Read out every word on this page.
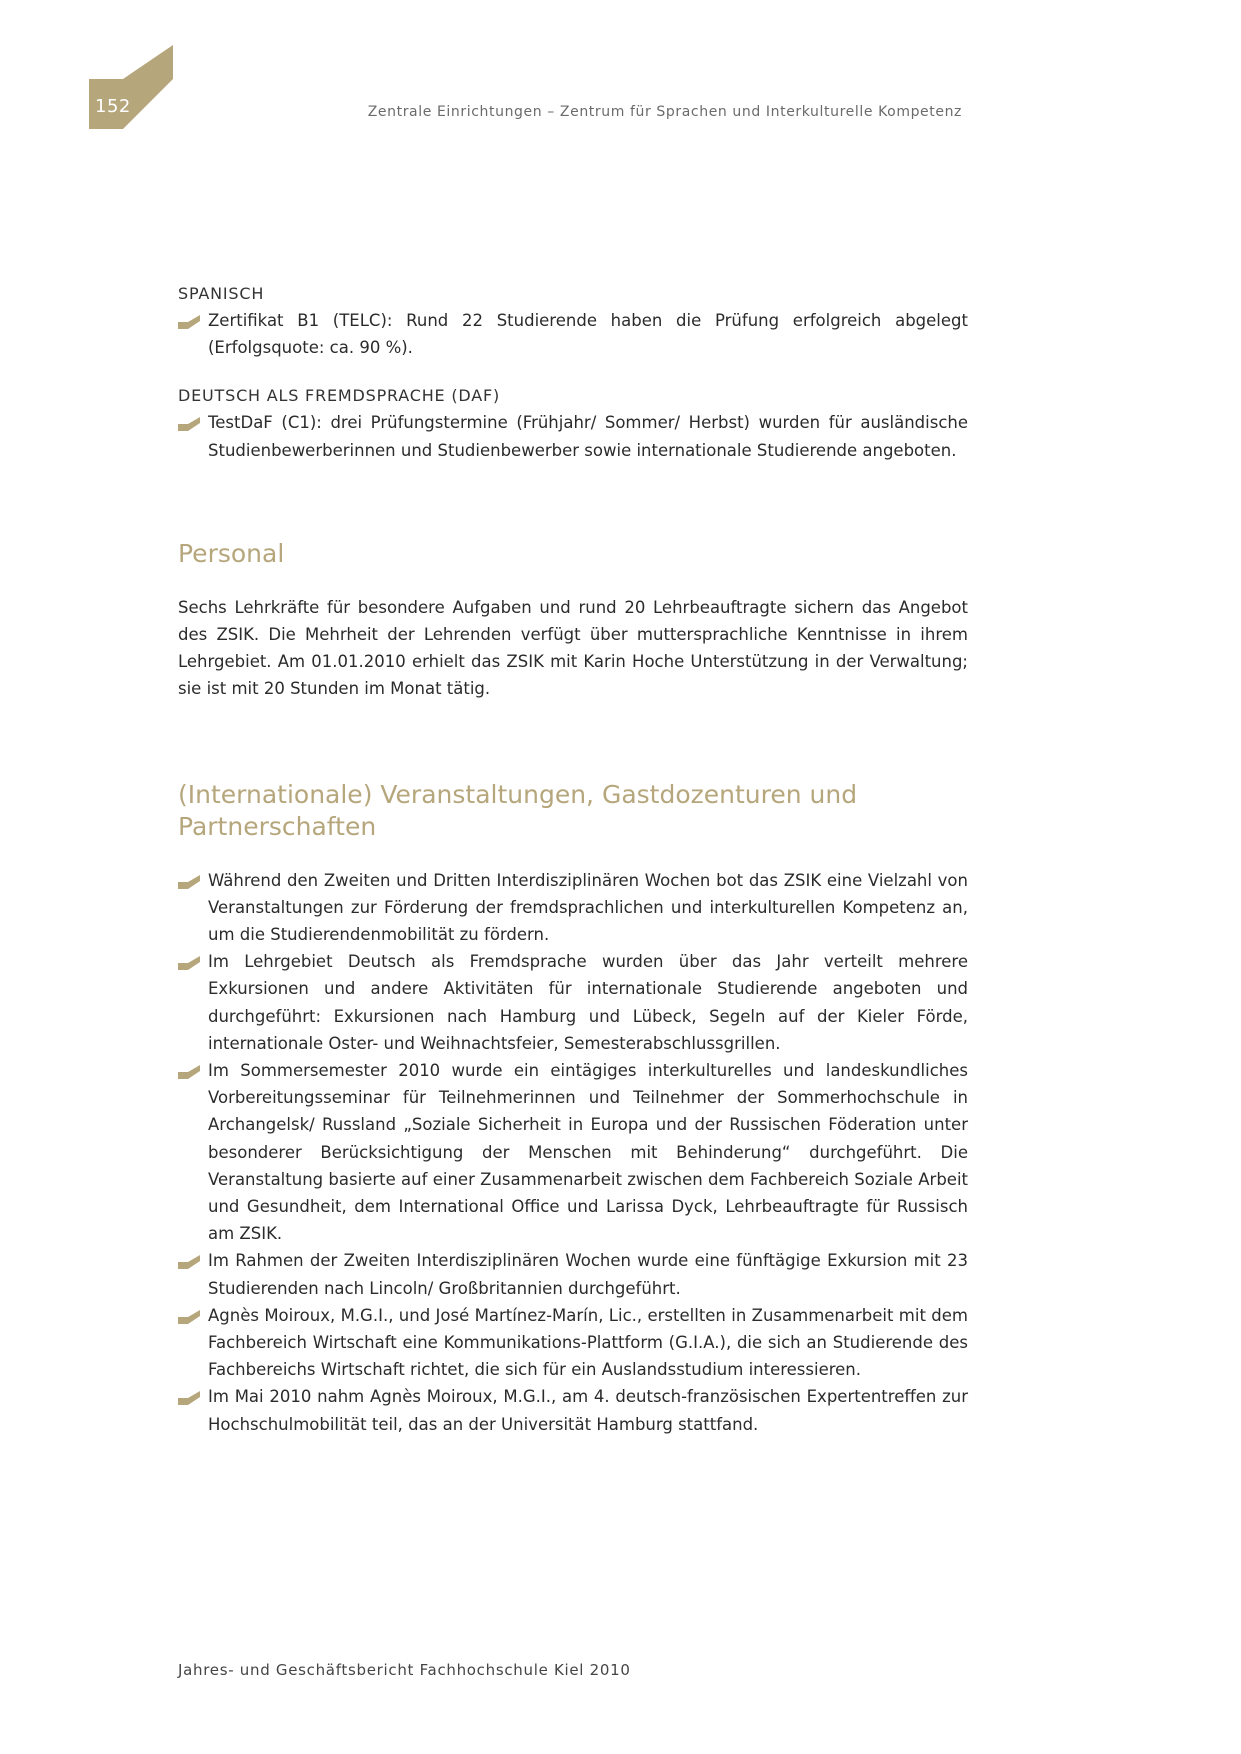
152	Zentrale Einrichtungen – Zentrum für Sprachen und Interkulturelle Kompetenz

SPANISCH

Zertifikat B1 (TELC): Rund 22 Studierende haben die Prüfung erfolgreich abgelegt (Erfolgsquote: ca. 90 %).

DEUTSCH ALS FREMDSPRACHE (DAF)

TestDaF (C1): drei Prüfungstermine (Frühjahr/ Sommer/ Herbst) wurden für ausländische Studienbewerberinnen und Studienbewerber sowie internationale Studierende angeboten.
Personal

Sechs Lehrkräfte für besondere Aufgaben und rund 20 Lehrbeauftragte sichern das Angebot des ZSIK. Die Mehrheit der Lehrenden verfügt über muttersprachliche Kenntnisse in ihrem Lehrgebiet. Am 01.01.2010 erhielt das ZSIK mit Karin Hoche Unterstützung in der Verwaltung; sie ist mit 20 Stunden im Monat tätig.

(Internationale) Veranstaltungen, Gastdozenturen und Partnerschaften
Während den Zweiten und Dritten Interdisziplinären Wochen bot das ZSIK eine Vielzahl von Veranstaltungen zur Förderung der fremdsprachlichen und interkulturellen Kompetenz an, um die Studierendenmobilität zu fördern.
Im Lehrgebiet Deutsch als Fremdsprache wurden über das Jahr verteilt mehrere Exkursionen und andere Aktivitäten für internationale Studierende angeboten und durchgeführt: Exkursionen nach Hamburg und Lübeck, Segeln auf der Kieler Förde, internationale Oster- und Weihnachtsfeier, Semesterabschlussgrillen.
Im Sommersemester 2010 wurde ein eintägiges interkulturelles und landeskundliches Vorbereitungsseminar für Teilnehmerinnen und Teilnehmer der Sommerhochschule in Archangelsk/ Russland „Soziale Sicherheit in Europa und der Russischen Föderation unter besonderer Berücksichtigung der Menschen mit Behinderung“ durchgeführt. Die Veranstaltung basierte auf einer Zusammenarbeit zwischen dem Fachbereich Soziale Arbeit und Gesundheit, dem International Office und Larissa Dyck, Lehrbeauftragte für Russisch am ZSIK.
Im Rahmen der Zweiten Interdisziplinären Wochen wurde eine fünftägige Exkursion mit 23 Studierenden nach Lincoln/ Großbritannien durchgeführt.
Agnès Moiroux, M.G.I., und José Martínez-Marín, Lic., erstellten in Zusammenarbeit mit dem Fachbereich Wirtschaft eine Kommunikations-Plattform (G.I.A.), die sich an Studierende des Fachbereichs Wirtschaft richtet, die sich für ein Auslandsstudium interessieren.
Im Mai 2010 nahm Agnès Moiroux, M.G.I., am 4. deutsch-französischen Expertentreffen zur Hochschulmobilität teil, das an der Universität Hamburg stattfand.
Jahres- und Geschäftsbericht Fachhochschule Kiel 2010
